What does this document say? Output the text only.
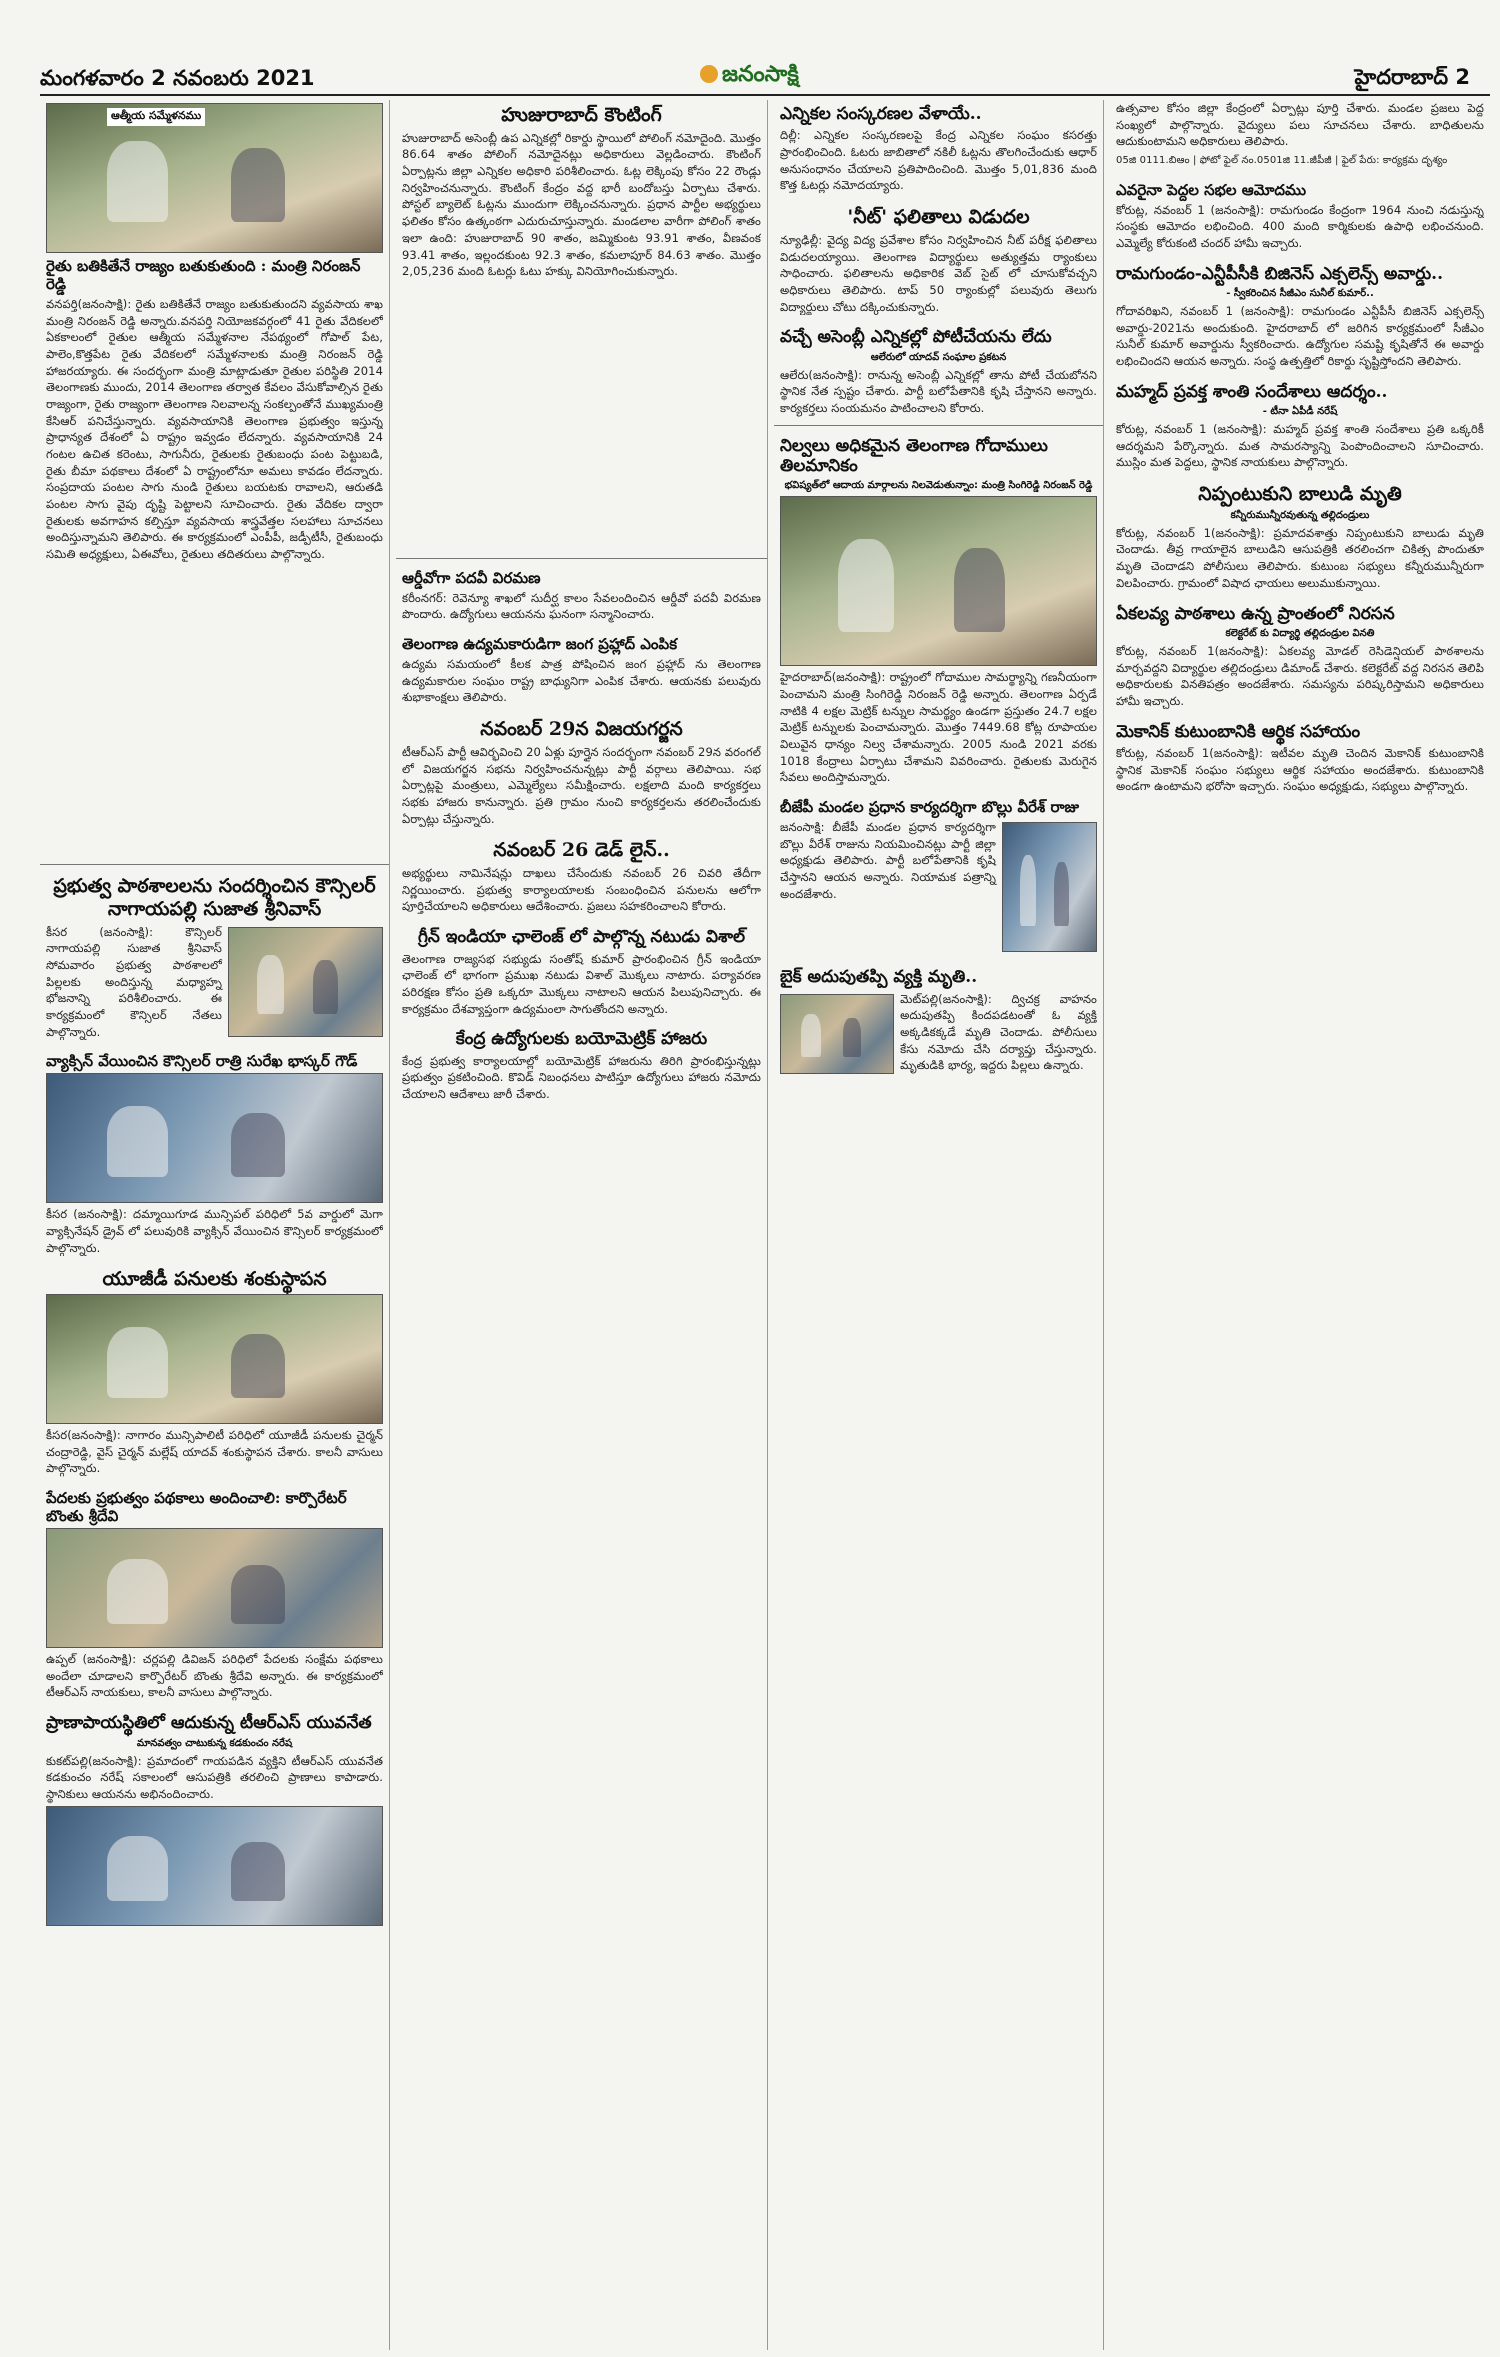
మంగళవారం 2 నవంబరు 2021	జనంసాక్షి	హైదరాబాద్ 2
ఆత్మీయ సమ్మేళనము
రైతు బతికితేనే రాజ్యం బతుకుతుంది : మంత్రి నిరంజన్ రెడ్డి
వనపర్తి(జనంసాక్షి): రైతు బతికితేనే రాజ్యం బతుకుతుందని వ్యవసాయ శాఖ మంత్రి నిరంజన్ రెడ్డి అన్నారు.వనపర్తి నియోజకవర్గంలో 41 రైతు వేదికలలో ఏకకాలంలో రైతుల ఆత్మీయ సమ్మేళనాల నేపథ్యంలో గోపాల్ పేట, పాలెం,కొత్తపేట రైతు వేదికలలో సమ్మేళనాలకు మంత్రి నిరంజన్ రెడ్డి హాజరయ్యారు. ఈ సందర్భంగా మంత్రి మాట్లాడుతూ రైతుల పరిస్థితి 2014 తెలంగాణకు ముందు, 2014 తెలంగాణ తర్వాత కేవలం వేసుకోవాల్సిన రైతు రాజ్యంగా, రైతు రాజ్యంగా తెలంగాణ నిలవాలన్న సంకల్పంతోనే ముఖ్యమంత్రి కేసిఆర్ పనిచేస్తున్నారు. వ్యవసాయానికి తెలంగాణ ప్రభుత్వం ఇస్తున్న ప్రాధాన్యత దేశంలో ఏ రాష్ట్రం ఇవ్వడం లేదన్నారు. వ్యవసాయానికి 24 గంటల ఉచిత కరెంటు, సాగునీరు, రైతులకు రైతుబంధు పంట పెట్టుబడి, రైతు బీమా పథకాలు దేశంలో ఏ రాష్ట్రంలోనూ అమలు కావడం లేదన్నారు. సంప్రదాయ పంటల సాగు నుండి రైతులు బయటకు రావాలని, ఆరుతడి పంటల సాగు వైపు దృష్టి పెట్టాలని సూచించారు. రైతు వేదికల ద్వారా రైతులకు అవగాహన కల్పిస్తూ వ్యవసాయ శాస్త్రవేత్తల సలహాలు సూచనలు అందిస్తున్నామని తెలిపారు. ఈ కార్యక్రమంలో ఎంపీపీ, జడ్పీటీసీ, రైతుబంధు సమితి అధ్యక్షులు, ఏఈవోలు, రైతులు తదితరులు పాల్గొన్నారు.
ప్రభుత్వ పాఠశాలలను సందర్శించిన కౌన్సిలర్ నాగాయపల్లి సుజాత శ్రీనివాస్
కీసర (జనంసాక్షి): కౌన్సిలర్ నాగాయపల్లి సుజాత శ్రీనివాస్ సోమవారం ప్రభుత్వ పాఠశాలలో పిల్లలకు అందిస్తున్న మధ్యాహ్న భోజనాన్ని పరిశీలించారు. ఈ కార్యక్రమంలో కౌన్సిలర్ నేతలు పాల్గొన్నారు.
వ్యాక్సిన్ వేయించిన కౌన్సిలర్ రాత్రి సురేఖ భాస్కర్ గౌడ్
కీసర (జనంసాక్షి): దమ్మాయిగూడ మున్సిపల్ పరిధిలో 5వ వార్డులో మెగా వ్యాక్సినేషన్ డ్రైవ్ లో పలువురికి వ్యాక్సిన్ వేయించిన కౌన్సిలర్ కార్యక్రమంలో పాల్గొన్నారు.
యూజీడీ పనులకు శంకుస్థాపన
కీసర(జనంసాక్షి): నాగారం మున్సిపాలిటీ పరిధిలో యూజీడీ పనులకు చైర్మన్ చంద్రారెడ్డి, వైస్ చైర్మన్ మల్లేష్ యాదవ్ శంకుస్థాపన చేశారు. కాలనీ వాసులు పాల్గొన్నారు.
పేదలకు ప్రభుత్వం పథకాలు అందించాలి: కార్పొరేటర్ బొంతు శ్రీదేవి
ఉప్పల్ (జనంసాక్షి): చర్లపల్లి డివిజన్ పరిధిలో పేదలకు సంక్షేమ పథకాలు అందేలా చూడాలని కార్పొరేటర్ బొంతు శ్రీదేవి అన్నారు. ఈ కార్యక్రమంలో టీఆర్ఎస్ నాయకులు, కాలనీ వాసులు పాల్గొన్నారు.
ప్రాణాపాయస్థితిలో ఆదుకున్న టీఆర్ఎస్ యువనేత
మానవత్వం చాటుకున్న కడకుంచం నరేష
కుకట్‌పల్లి(జనంసాక్షి): ప్రమాదంలో గాయపడిన వ్యక్తిని టీఆర్ఎస్ యువనేత కడకుంచం నరేష్ సకాలంలో ఆసుపత్రికి తరలించి ప్రాణాలు కాపాడారు. స్థానికులు ఆయనను అభినందించారు.
హుజురాబాద్ కౌంటింగ్
హుజురాబాద్ అసెంబ్లీ ఉప ఎన్నికల్లో రికార్డు స్థాయిలో పోలింగ్ నమోదైంది. మొత్తం 86.64 శాతం పోలింగ్ నమోదైనట్లు అధికారులు వెల్లడించారు. కౌంటింగ్ ఏర్పాట్లను జిల్లా ఎన్నికల అధికారి పరిశీలించారు. ఓట్ల లెక్కింపు కోసం 22 రౌండ్లు నిర్వహించనున్నారు. కౌంటింగ్ కేంద్రం వద్ద భారీ బందోబస్తు ఏర్పాటు చేశారు. పోస్టల్ బ్యాలెట్ ఓట్లను ముందుగా లెక్కించనున్నారు. ప్రధాన పార్టీల అభ్యర్థులు ఫలితం కోసం ఉత్కంఠగా ఎదురుచూస్తున్నారు. మండలాల వారీగా పోలింగ్ శాతం ఇలా ఉంది: హుజురాబాద్ 90 శాతం, జమ్మికుంట 93.91 శాతం, వీణవంక 93.41 శాతం, ఇల్లందకుంట 92.3 శాతం, కమలాపూర్ 84.63 శాతం. మొత్తం 2,05,236 మంది ఓటర్లు ఓటు హక్కు వినియోగించుకున్నారు.
ఆర్డీవోగా పదవీ విరమణ
కరీంనగర్: రెవెన్యూ శాఖలో సుదీర్ఘ కాలం సేవలందించిన ఆర్డీవో పదవీ విరమణ పొందారు. ఉద్యోగులు ఆయనను ఘనంగా సన్మానించారు.
తెలంగాణ ఉద్యమకారుడిగా జంగ ప్రహ్లాద్ ఎంపిక
ఉద్యమ సమయంలో కీలక పాత్ర పోషించిన జంగ ప్రహ్లాద్ ను తెలంగాణ ఉద్యమకారుల సంఘం రాష్ట్ర బాధ్యునిగా ఎంపిక చేశారు. ఆయనకు పలువురు శుభాకాంక్షలు తెలిపారు.
నవంబర్ 29న విజయగర్జన
టీఆర్ఎస్ పార్టీ ఆవిర్భవించి 20 ఏళ్లు పూర్తైన సందర్భంగా నవంబర్ 29న వరంగల్ లో విజయగర్జన సభను నిర్వహించనున్నట్లు పార్టీ వర్గాలు తెలిపాయి. సభ ఏర్పాట్లపై మంత్రులు, ఎమ్మెల్యేలు సమీక్షించారు. లక్షలాది మంది కార్యకర్తలు సభకు హాజరు కానున్నారు. ప్రతి గ్రామం నుంచి కార్యకర్తలను తరలించేందుకు ఏర్పాట్లు చేస్తున్నారు.
నవంబర్ 26 డెడ్ లైన్..
అభ్యర్థులు నామినేషన్లు దాఖలు చేసేందుకు నవంబర్ 26 చివరి తేదీగా నిర్ణయించారు. ప్రభుత్వ కార్యాలయాలకు సంబంధించిన పనులను ఆలోగా పూర్తిచేయాలని అధికారులు ఆదేశించారు. ప్రజలు సహకరించాలని కోరారు.
గ్రీన్ ఇండియా ఛాలెంజ్ లో పాల్గొన్న నటుడు విశాల్
తెలంగాణ రాజ్యసభ సభ్యుడు సంతోష్ కుమార్ ప్రారంభించిన గ్రీన్ ఇండియా ఛాలెంజ్ లో భాగంగా ప్రముఖ నటుడు విశాల్ మొక్కలు నాటారు. పర్యావరణ పరిరక్షణ కోసం ప్రతి ఒక్కరూ మొక్కలు నాటాలని ఆయన పిలుపునిచ్చారు. ఈ కార్యక్రమం దేశవ్యాప్తంగా ఉద్యమంలా సాగుతోందని అన్నారు.
కేంద్ర ఉద్యోగులకు బయోమెట్రిక్ హాజరు
కేంద్ర ప్రభుత్వ కార్యాలయాల్లో బయోమెట్రిక్ హాజరును తిరిగి ప్రారంభిస్తున్నట్లు ప్రభుత్వం ప్రకటించింది. కొవిడ్ నిబంధనలు పాటిస్తూ ఉద్యోగులు హాజరు నమోదు చేయాలని ఆదేశాలు జారీ చేశారు.
ఎన్నికల సంస్కరణల వేళాయే..
దిల్లీ: ఎన్నికల సంస్కరణలపై కేంద్ర ఎన్నికల సంఘం కసరత్తు ప్రారంభించింది. ఓటరు జాబితాలో నకిలీ ఓట్లను తొలగించేందుకు ఆధార్ అనుసంధానం చేయాలని ప్రతిపాదించింది. మొత్తం 5,01,836 మంది కొత్త ఓటర్లు నమోదయ్యారు.
'నీట్' ఫలితాలు విడుదల
న్యూఢిల్లీ: వైద్య విద్య ప్రవేశాల కోసం నిర్వహించిన నీట్ పరీక్ష ఫలితాలు విడుదలయ్యాయి. తెలంగాణ విద్యార్థులు అత్యుత్తమ ర్యాంకులు సాధించారు. ఫలితాలను అధికారిక వెబ్ సైట్ లో చూసుకోవచ్చని అధికారులు తెలిపారు. టాప్ 50 ర్యాంకుల్లో పలువురు తెలుగు విద్యార్థులు చోటు దక్కించుకున్నారు.
వచ్చే అసెంబ్లీ ఎన్నికల్లో పోటీచేయను లేదు
ఆలేరులో యాదవ్ సంఘాల ప్రకటన
ఆలేరు(జనంసాక్షి): రానున్న అసెంబ్లీ ఎన్నికల్లో తాను పోటీ చేయబోనని స్థానిక నేత స్పష్టం చేశారు. పార్టీ బలోపేతానికి కృషి చేస్తానని అన్నారు. కార్యకర్తలు సంయమనం పాటించాలని కోరారు.
నిల్వలు అధికమైన తెలంగాణ గోదాములు తిలమానికం
భవిష్యత్‌లో ఆదాయ మార్గాలను నిలవెడుతున్నాం: మంత్రి సింగిరెడ్డి నిరంజన్ రెడ్డి
హైదరాబాద్(జనంసాక్షి): రాష్ట్రంలో గోదాముల సామర్థ్యాన్ని గణనీయంగా పెంచామని మంత్రి సింగిరెడ్డి నిరంజన్ రెడ్డి అన్నారు. తెలంగాణ ఏర్పడే నాటికి 4 లక్షల మెట్రిక్ టన్నుల సామర్థ్యం ఉండగా ప్రస్తుతం 24.7 లక్షల మెట్రిక్ టన్నులకు పెంచామన్నారు. మొత్తం 7449.68 కోట్ల రూపాయల విలువైన ధాన్యం నిల్వ చేశామన్నారు. 2005 నుండి 2021 వరకు 1018 కేంద్రాలు ఏర్పాటు చేశామని వివరించారు. రైతులకు మెరుగైన సేవలు అందిస్తామన్నారు.
బీజేపీ మండల ప్రధాన కార్యదర్శిగా బొల్లు వీరేశ్ రాజు
జనంసాక్షి: బీజేపీ మండల ప్రధాన కార్యదర్శిగా బొల్లు వీరేశ్ రాజును నియమించినట్లు పార్టీ జిల్లా అధ్యక్షుడు తెలిపారు. పార్టీ బలోపేతానికి కృషి చేస్తానని ఆయన అన్నారు. నియామక పత్రాన్ని అందజేశారు.
బైక్ అదుపుతప్పి వ్యక్తి మృతి..
మెట్‌పల్లి(జనంసాక్షి): ద్విచక్ర వాహనం అదుపుతప్పి కిందపడటంతో ఓ వ్యక్తి అక్కడికక్కడే మృతి చెందాడు. పోలీసులు కేసు నమోదు చేసి దర్యాప్తు చేస్తున్నారు. మృతుడికి భార్య, ఇద్దరు పిల్లలు ఉన్నారు.
ఉత్సవాల కోసం జిల్లా కేంద్రంలో ఏర్పాట్లు పూర్తి చేశారు. మండల ప్రజలు పెద్ద సంఖ్యలో పాల్గొన్నారు. వైద్యులు పలు సూచనలు చేశారు. బాధితులను ఆదుకుంటామని అధికారులు తెలిపారు.
05జి 0111.బిఆం | ఫోటో ఫైల్ నం.0501జి 11.జీపీజీ | ఫైల్ పేరు: కార్యక్రమ దృశ్యం
ఎవరైనా పెద్దల సభల ఆమోదము
కోరుట్ల, నవంబర్ 1 (జనంసాక్షి): రామగుండం కేంద్రంగా 1964 నుంచి నడుస్తున్న సంస్థకు ఆమోదం లభించింది. 400 మంది కార్మికులకు ఉపాధి లభించనుంది. ఎమ్మెల్యే కోరుకంటి చందర్ హామీ ఇచ్చారు.
రామగుండం-ఎన్టీపీసీకి బిజినెస్ ఎక్సలెన్స్ అవార్డు..
- స్వీకరించిన సీజీఎం సునీల్ కుమార్..
గోదావరిఖని, నవంబర్ 1 (జనంసాక్షి): రామగుండం ఎన్టీపీసీ బిజినెస్ ఎక్సలెన్స్ అవార్డు-2021ను అందుకుంది. హైదరాబాద్ లో జరిగిన కార్యక్రమంలో సీజీఎం సునీల్ కుమార్ అవార్డును స్వీకరించారు. ఉద్యోగుల సమష్టి కృషితోనే ఈ అవార్డు లభించిందని ఆయన అన్నారు. సంస్థ ఉత్పత్తిలో రికార్డు సృష్టిస్తోందని తెలిపారు.
మహ్మద్ ప్రవక్త శాంతి సందేశాలు ఆదర్శం..
- టీనా ఏపీడీ నరేష్
కోరుట్ల, నవంబర్ 1 (జనంసాక్షి): మహ్మద్ ప్రవక్త శాంతి సందేశాలు ప్రతి ఒక్కరికీ ఆదర్శమని పేర్కొన్నారు. మత సామరస్యాన్ని పెంపొందించాలని సూచించారు. ముస్లిం మత పెద్దలు, స్థానిక నాయకులు పాల్గొన్నారు.
నిప్పంటుకుని బాలుడి మృతి
కన్నీరుమున్నీరవుతున్న తల్లిదండ్రులు
కోరుట్ల, నవంబర్ 1(జనంసాక్షి): ప్రమాదవశాత్తు నిప్పంటుకుని బాలుడు మృతి చెందాడు. తీవ్ర గాయాలైన బాలుడిని ఆసుపత్రికి తరలించగా చికిత్స పొందుతూ మృతి చెందాడని పోలీసులు తెలిపారు. కుటుంబ సభ్యులు కన్నీరుమున్నీరుగా విలపించారు. గ్రామంలో విషాద ఛాయలు అలుముకున్నాయి.
ఏకలవ్య పాఠశాలు ఉన్న ప్రాంతంలో నిరసన
కలెక్టరేట్ కు విద్యార్థి తల్లిదండ్రుల వినతి
కోరుట్ల, నవంబర్ 1(జనంసాక్షి): ఏకలవ్య మోడల్ రెసిడెన్షియల్ పాఠశాలను మార్చవద్దని విద్యార్థుల తల్లిదండ్రులు డిమాండ్ చేశారు. కలెక్టరేట్ వద్ద నిరసన తెలిపి అధికారులకు వినతిపత్రం అందజేశారు. సమస్యను పరిష్కరిస్తామని అధికారులు హామీ ఇచ్చారు.
మెకానిక్ కుటుంబానికి ఆర్థిక సహాయం
కోరుట్ల, నవంబర్ 1(జనంసాక్షి): ఇటీవల మృతి చెందిన మెకానిక్ కుటుంబానికి స్థానిక మెకానిక్ సంఘం సభ్యులు ఆర్థిక సహాయం అందజేశారు. కుటుంబానికి అండగా ఉంటామని భరోసా ఇచ్చారు. సంఘం అధ్యక్షుడు, సభ్యులు పాల్గొన్నారు.
